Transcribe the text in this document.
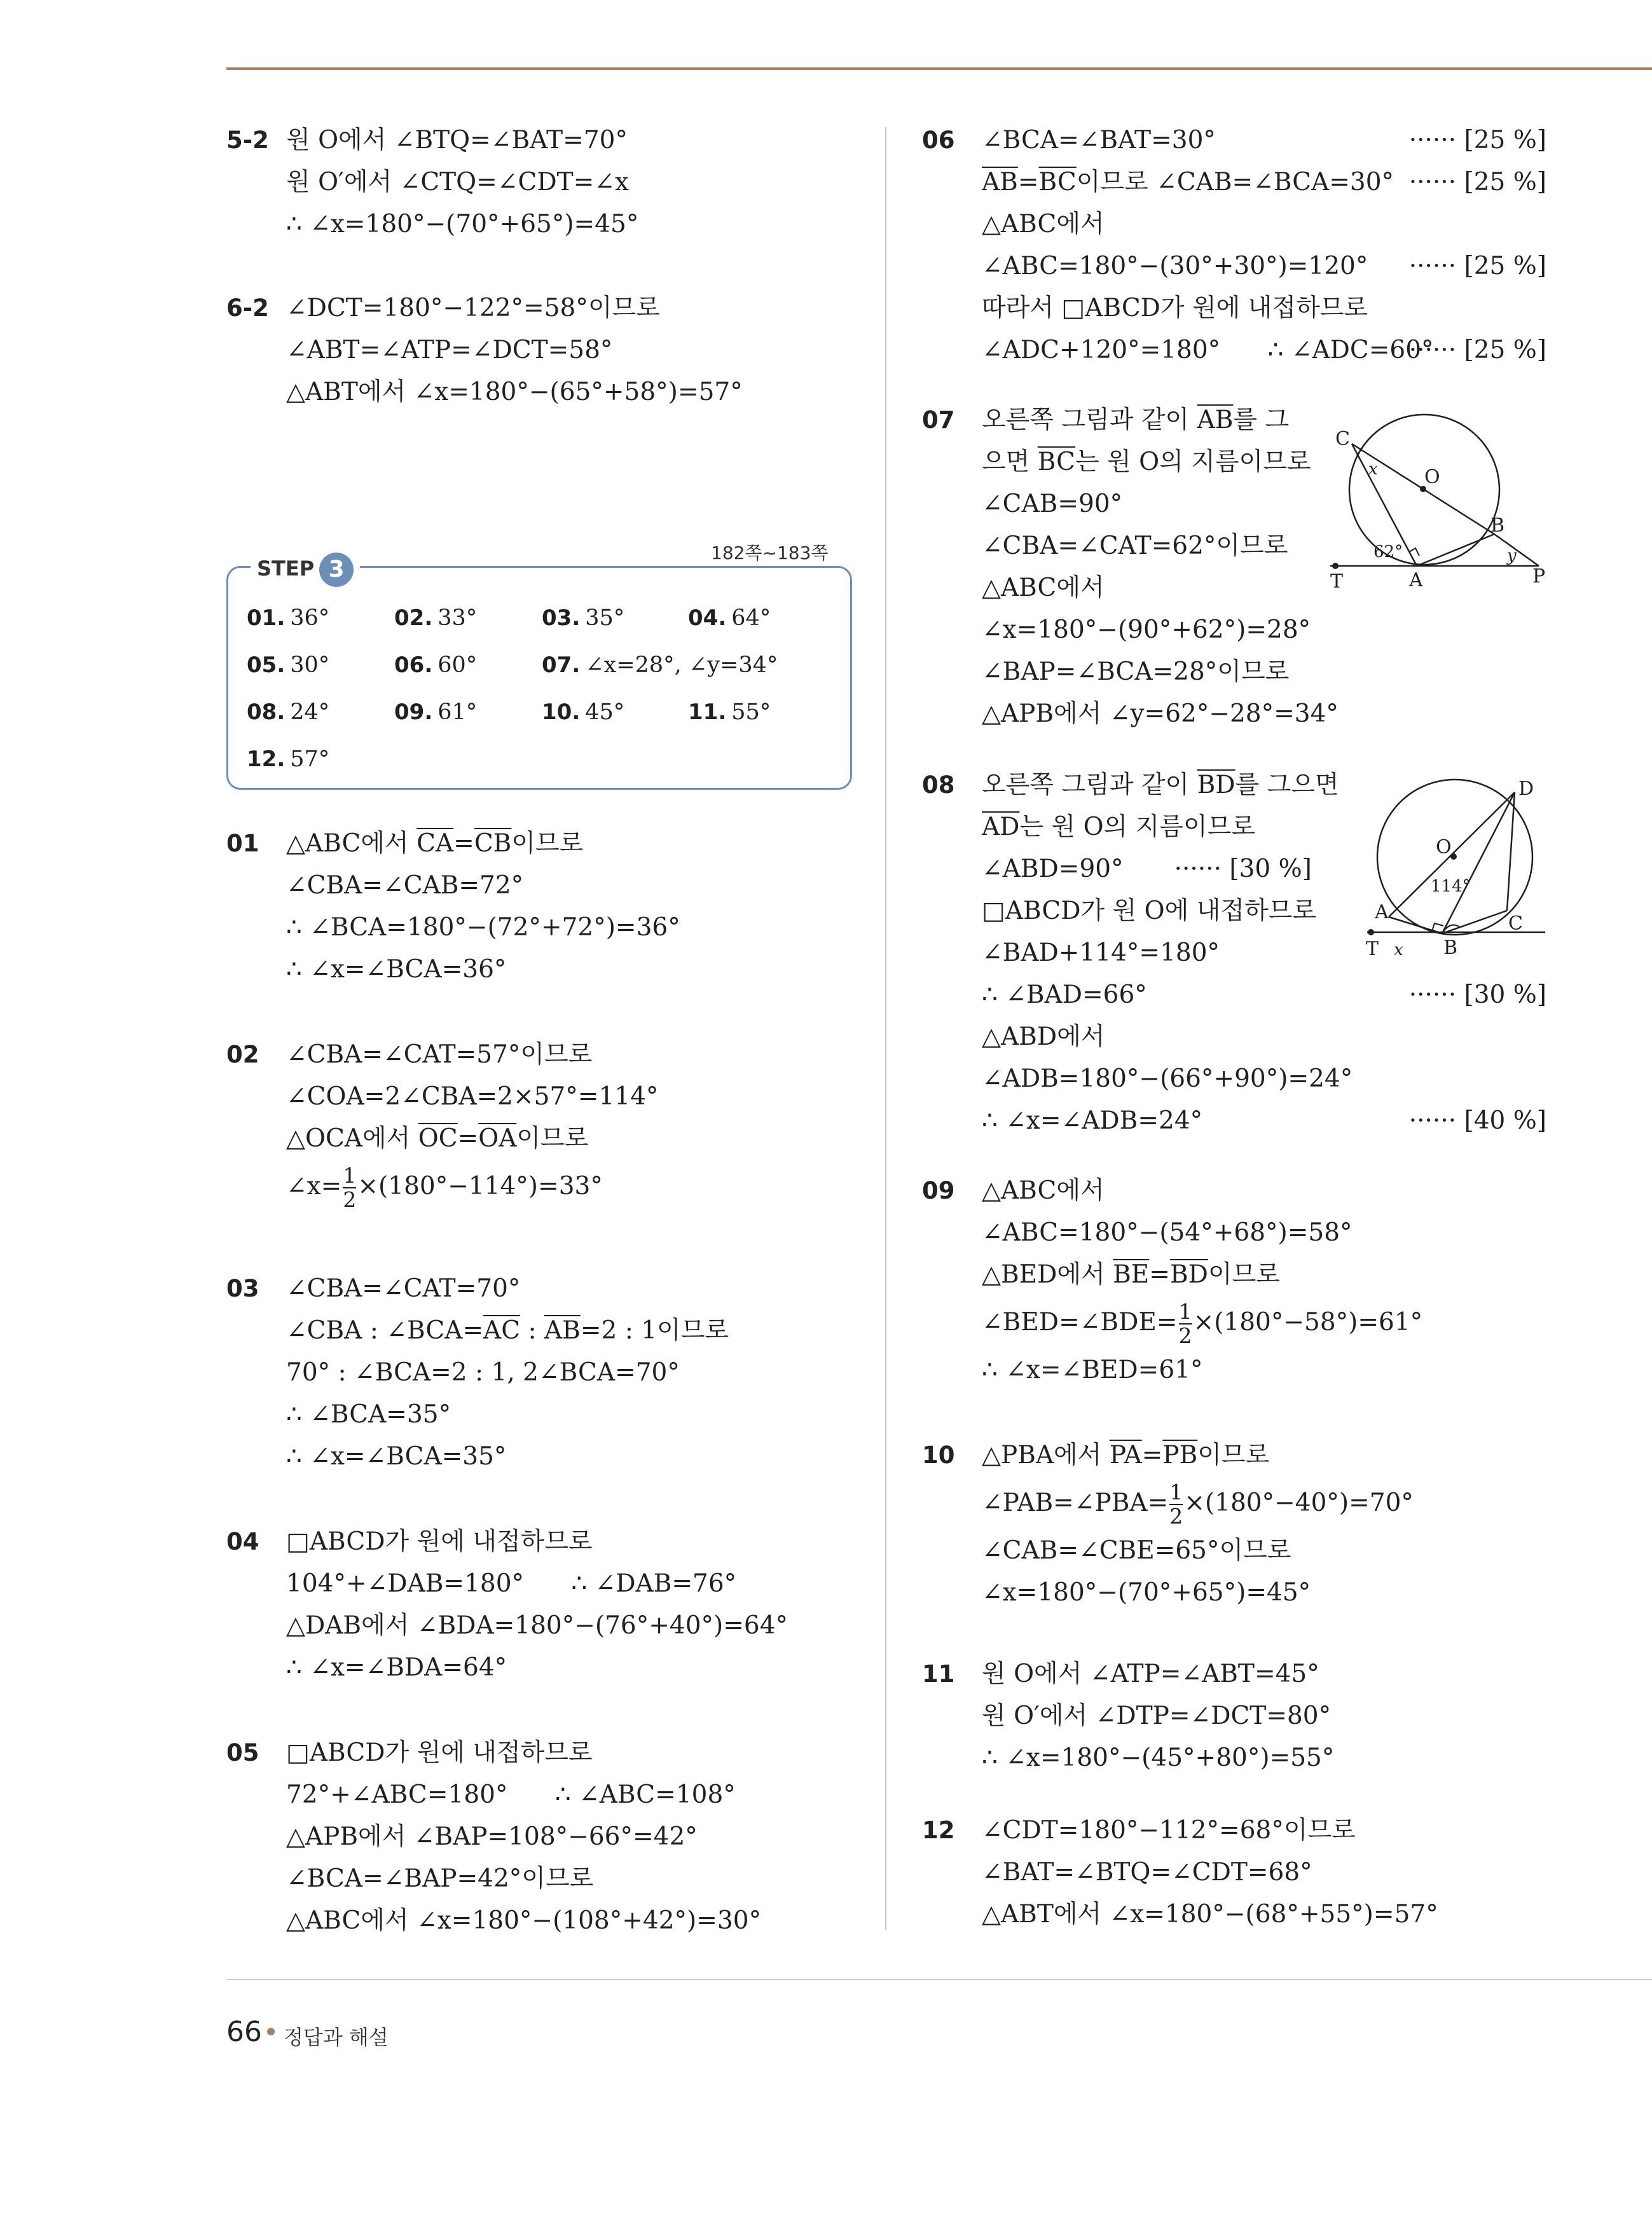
5-2 원 O에서 ∠BTQ=∠BAT=70°
원 O′에서 ∠CTQ=∠CDT=∠x
∴ ∠x=180°−(70°+65°)=45°
6-2 ∠DCT=180°−122°=58°이므로
∠ABT=∠ATP=∠DCT=58°
△ABT에서 ∠x=180°−(65°+58°)=57°
STEP 3
182쪽~183쪽
01. 36°	02. 33°	03. 35°	04. 64°
05. 30°	06. 60°	07. ∠x=28°, ∠y=34°
08. 24°	09. 61°	10. 45°	11. 55°
12. 57°
01 △ABC에서 $\overline{CA}=\overline{CB}$이므로
∠CBA=∠CAB=72°
∴ ∠BCA=180°−(72°+72°)=36°
∴ ∠x=∠BCA=36°
02 ∠CBA=∠CAT=57°이므로
∠COA=2∠CBA=2×57°=114°
△OCA에서 $\overline{OC}=\overline{OA}$이므로
∠x= $\frac{1}{2} \times(180^\circ-114^\circ)=33^\circ$
03 ∠CBA=∠CAT=70°
∠CBA : $\angle BCA=\overline{AC}$ : $\overline{AB}=2$ : 1이므로
70° : ∠BCA=2 : 1, 2∠BCA=70°
∴ ∠BCA=35°
∴ ∠x=∠BCA=35°
04 □ABCD가 원에 내접하므로
104°+∠DAB=180°      ∴ ∠DAB=76°
△DAB에서 ∠BDA=180°−(76°+40°)=64°
∴ ∠x=∠BDA=64°
05 □ABCD가 원에 내접하므로
72°+∠ABC=180°      ∴ ∠ABC=108°
△APB에서 ∠BAP=108°−66°=42°
∠BCA=∠BAP=42°이므로
△ABC에서 ∠x=180°−(108°+42°)=30°
06 ∠BCA=∠BAT=30°	······ [25 %]
$\overline{AB}=\overline{BC}$이므로 ∠CAB=∠BCA=30° ······ [25 %]
△ABC에서
∠ABC=180°−(30°+30°)=120° ······ [25 %]
따라서 □ABCD가 원에 내접하므로
∠ADC+120°=180°      ∴ ∠ADC=60°
······ [25 %]
07 오른쪽 그림과 같이 $\overline{AB}$를 그
으면 $\overline{BC}$는 원 O의 지름이므로
∠CAB=90°
∠CBA=∠CAT=62°이므로
△ABC에서
∠x=180°−(90°+62°)=28°
∠BAP=∠BCA=28°이므로
△APB에서 ∠y=62°−28°=34°
C
O
B
T	A	P
x
y
62°
08 오른쪽 그림과 같이 $\overline{BD}$를 그으면
$\overline{AD}$는 원 O의 지름이므로
∠ABD=90° ······ [30 %]
□ABCD가 원 O에 내접하므로
∠BAD+114°=180°
∴ ∠BAD=66°	······ [30 %]
△ABD에서
∠ADB=180°−(66°+90°)=24°
∴ ∠x=∠ADB=24°	······ [40 %]
D
O
A
C
T	B
x
114°
09 △ABC에서
∠ABC=180°−(54°+68°)=58°
△BED에서 $\overline{BE}=\overline{BD}$이므로
∠BED=∠BDE= $\frac{1}{2} \times(180^\circ-58^\circ)=61^\circ$
∴ ∠x=∠BED=61°
10 △PBA에서 $\overline{PA}=\overline{PB}$이므로
∠PAB=∠PBA= $\frac{1}{2} \times(180^\circ-40^\circ)=70^\circ$
∠CAB=∠CBE=65°이므로
∠x=180°−(70°+65°)=45°
11 원 O에서 ∠ATP=∠ABT=45°
원 O′에서 ∠DTP=∠DCT=80°
∴ ∠x=180°−(45°+80°)=55°
12 ∠CDT=180°−112°=68°이므로
∠BAT=∠BTQ=∠CDT=68°
△ABT에서 ∠x=180°−(68°+55°)=57°
66 정답과 해설
